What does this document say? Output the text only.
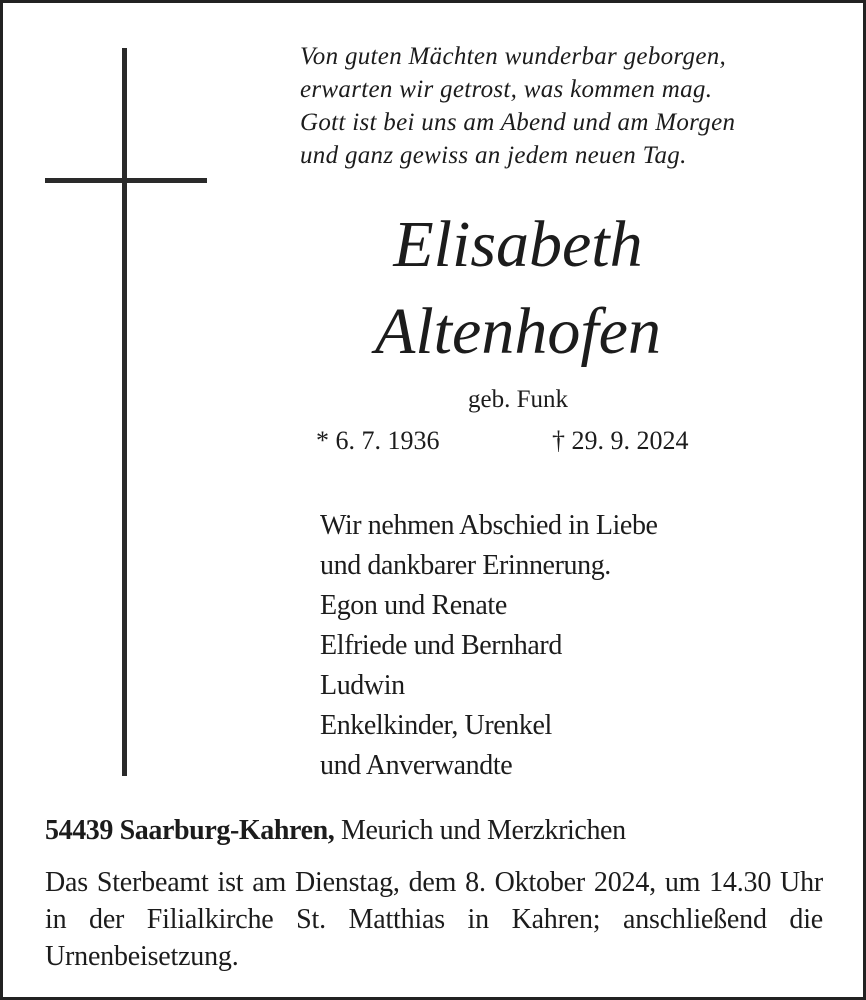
Von guten Mächten wunderbar geborgen,
erwarten wir getrost, was kommen mag.
Gott ist bei uns am Abend und am Morgen
und ganz gewiss an jedem neuen Tag.
Elisabeth
Altenhofen
geb. Funk
* 6. 7. 1936	† 29. 9. 2024
Wir nehmen Abschied in Liebe
und dankbarer Erinnerung.
Egon und Renate
Elfriede und Bernhard
Ludwin
Enkelkinder, Urenkel
und Anverwandte
54439 Saarburg-Kahren, Meurich und Merzkrichen
Das Sterbeamt ist am Dienstag, dem 8. Oktober 2024, um 14.30 Uhr in der Filialkirche St. Matthias in Kahren; anschließend die Urnenbeisetzung.
